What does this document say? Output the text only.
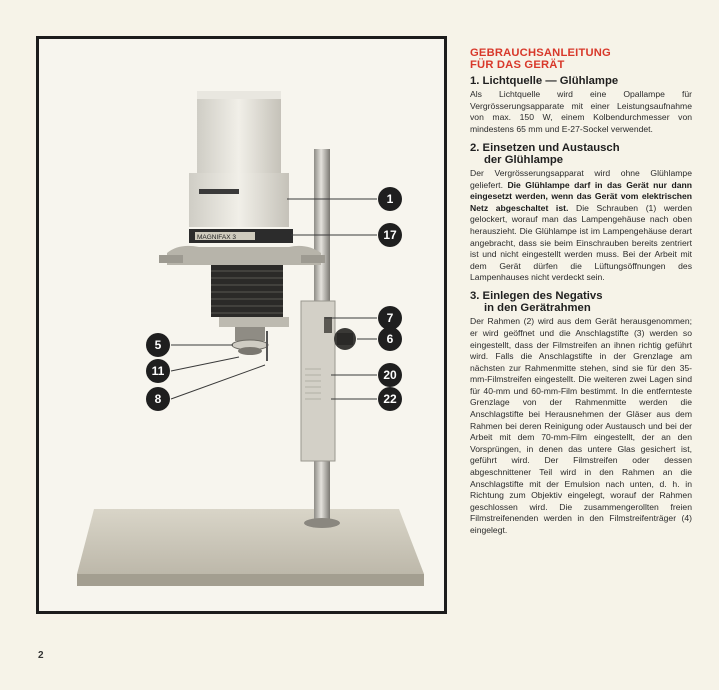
MAGNIFAX 3
1
17
7
5	6
11	20
8	22
GEBRAUCHSANLEITUNG
FÜR DAS GERÄT
1. Lichtquelle — Glühlampe
Als Lichtquelle wird eine Opallampe für Vergrösserungsapparate mit einer Leistungsaufnahme von max. 150 W, einem Kolbendurchmesser von mindestens 65 mm und E-27-Sockel verwendet.
2. Einsetzen und Austausch
der Glühlampe
Der Vergrösserungsapparat wird ohne Glühlampe geliefert. Die Glühlampe darf in das Gerät nur dann eingesetzt werden, wenn das Gerät vom elektrischen Netz abgeschaltet ist. Die Schrauben (1) werden gelockert, worauf man das Lampengehäuse nach oben herauszieht. Die Glühlampe ist im Lampengehäuse derart angebracht, dass sie beim Einschrauben bereits zentriert ist und nicht eingestellt werden muss. Bei der Arbeit mit dem Gerät dürfen die Lüftungsöffnungen des Lampenhauses nicht verdeckt sein.
3. Einlegen des Negativs
in den Gerätrahmen
Der Rahmen (2) wird aus dem Gerät herausgenommen; er wird geöffnet und die Anschlagstifte (3) werden so eingestellt, dass der Filmstreifen an ihnen richtig geführt wird. Falls die Anschlagstifte in der Grenzlage am nächsten zur Rahmenmitte stehen, sind sie für den 35-mm-Filmstreifen eingestellt. Die weiteren zwei Lagen sind für 40-mm und 60-mm-Film bestimmt. In die entfernteste Grenzlage von der Rahmenmitte werden die Anschlagstifte bei Herausnehmen der Gläser aus dem Rahmen bei deren Reinigung oder Austausch und bei der Arbeit mit dem 70-mm-Film eingestellt, der an den Vorsprüngen, in denen das untere Glas gesichert ist, geführt wird. Der Filmstreifen oder dessen abgeschnittener Teil wird in den Rahmen an die Anschlagstifte mit der Emulsion nach unten, d. h. in Richtung zum Objektiv eingelegt, worauf der Rahmen geschlossen wird. Die zusammengerollten freien Filmstreifenenden werden in den Filmstreifenträger (4) eingelegt.
2
